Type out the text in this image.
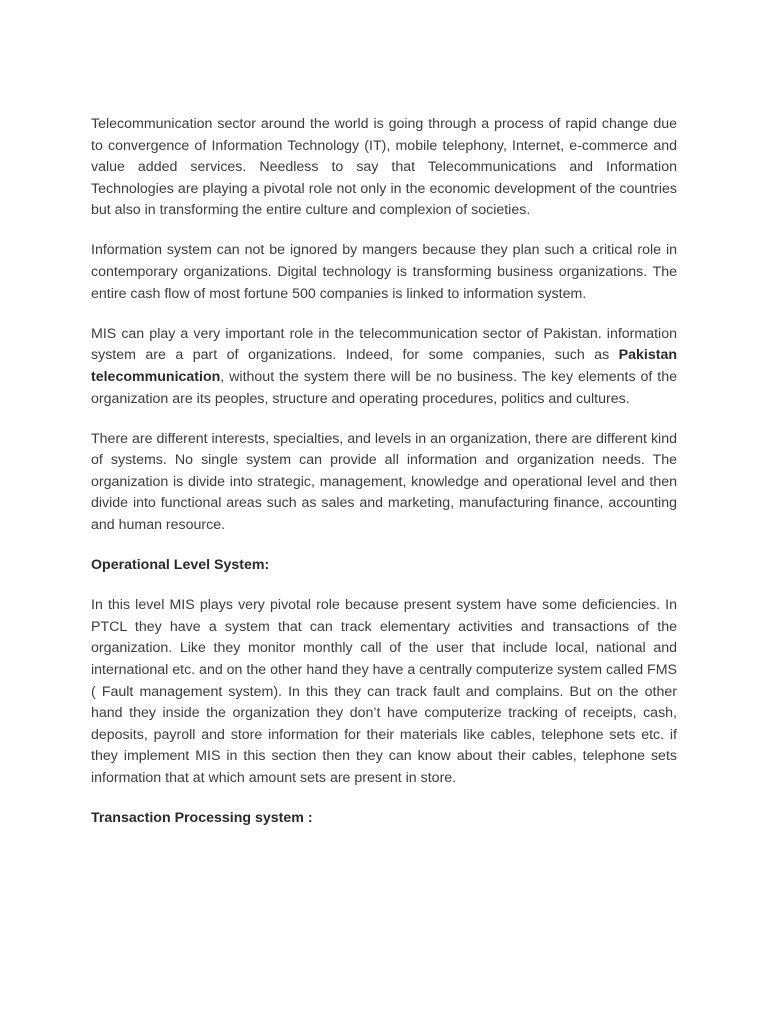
Telecommunication sector around the world is going through a process of rapid change due to convergence of Information Technology (IT), mobile telephony, Internet, e-commerce and value added services. Needless to say that Telecommunications and Information Technologies are playing a pivotal role not only in the economic development of the countries but also in transforming the entire culture and complexion of societies.

Information system can not be ignored by mangers because they plan such a critical role in contemporary organizations. Digital technology is transforming business organizations. The entire cash flow of most fortune 500 companies is linked to information system.

MIS can play a very important role in the telecommunication sector of Pakistan. information system are a part of organizations. Indeed, for some companies, such as Pakistan telecommunication, without the system there will be no business. The key elements of the organization are its peoples, structure and operating procedures, politics and cultures.

There are different interests, specialties, and levels in an organization, there are different kind of systems. No single system can provide all information and organization needs. The organization is divide into strategic, management, knowledge and operational level and then divide into functional areas such as sales and marketing, manufacturing finance, accounting and human resource.

Operational Level System:

In this level MIS plays very pivotal role because present system have some deficiencies. In PTCL they have a system that can track elementary activities and transactions of the organization. Like they monitor monthly call of the user that include local, national and international etc. and on the other hand they have a centrally computerize system called FMS ( Fault management system). In this they can track fault and complains. But on the other hand they inside the organization they don’t have computerize tracking of receipts, cash, deposits, payroll and store information for their materials like cables, telephone sets etc. if they implement MIS in this section then they can know about their cables, telephone sets information that at which amount sets are present in store.

Transaction Processing system :
